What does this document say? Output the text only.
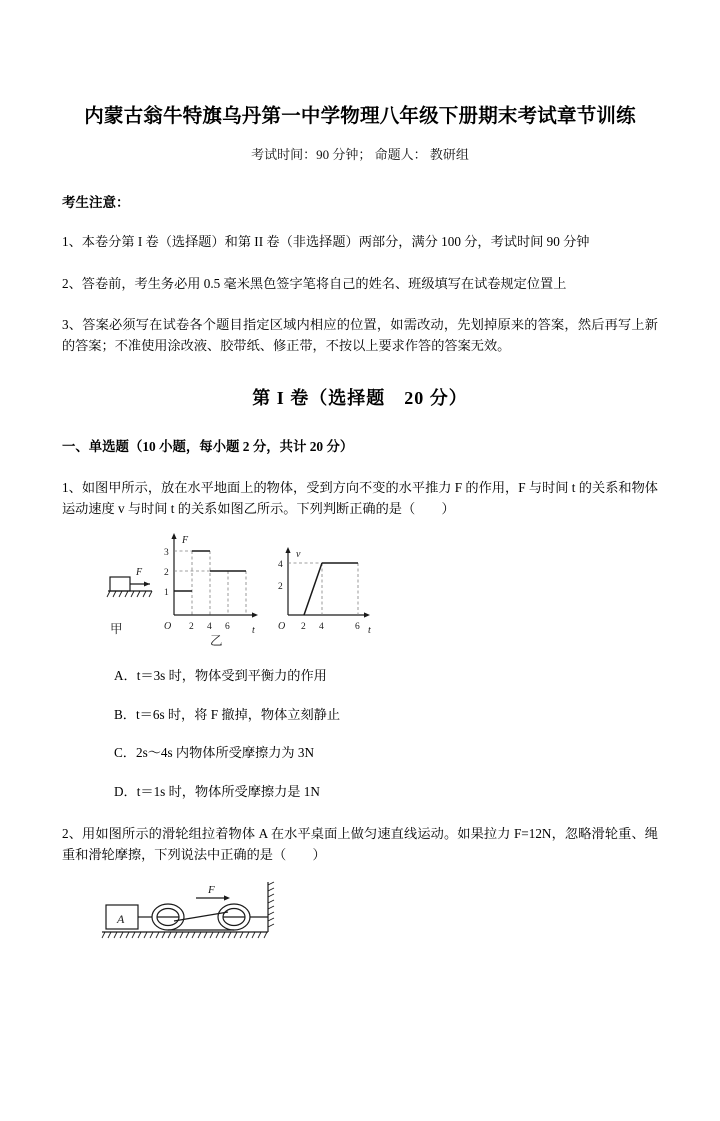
内蒙古翁牛特旗乌丹第一中学物理八年级下册期末考试章节训练
考试时间：90 分钟； 命题人： 教研组
考生注意：
1、本卷分第 I 卷（选择题）和第 II 卷（非选择题）两部分，满分 100 分，考试时间 90 分钟
2、答卷前，考生务必用 0.5 毫米黑色签字笔将自己的姓名、班级填写在试卷规定位置上
3、答案必须写在试卷各个题目指定区域内相应的位置，如需改动，先划掉原来的答案，然后再写上新的答案；不准使用涂改液、胶带纸、修正带，不按以上要求作答的答案无效。
第 I 卷（选择题　20 分）
一、单选题（10 小题，每小题 2 分，共计 20 分）
1、如图甲所示，放在水平地面上的物体，受到方向不变的水平推力 F 的作用，F 与时间 t 的关系和物体运动速度 v 与时间 t 的关系如图乙所示。下列判断正确的是（　　）
F
1
2
3
O 2 4 6 t
v
4
2
O 2 4	6 t
甲
乙
F
A．t＝3s 时，物体受到平衡力的作用
B．t＝6s 时，将 F 撤掉，物体立刻静止
C．2s～4s 内物体所受摩擦力为 3N
D．t＝1s 时，物体所受摩擦力是 1N
2、用如图所示的滑轮组拉着物体 A 在水平桌面上做匀速直线运动。如果拉力 F=12N，忽略滑轮重、绳重和滑轮摩擦，下列说法中正确的是（　　）
A
F
